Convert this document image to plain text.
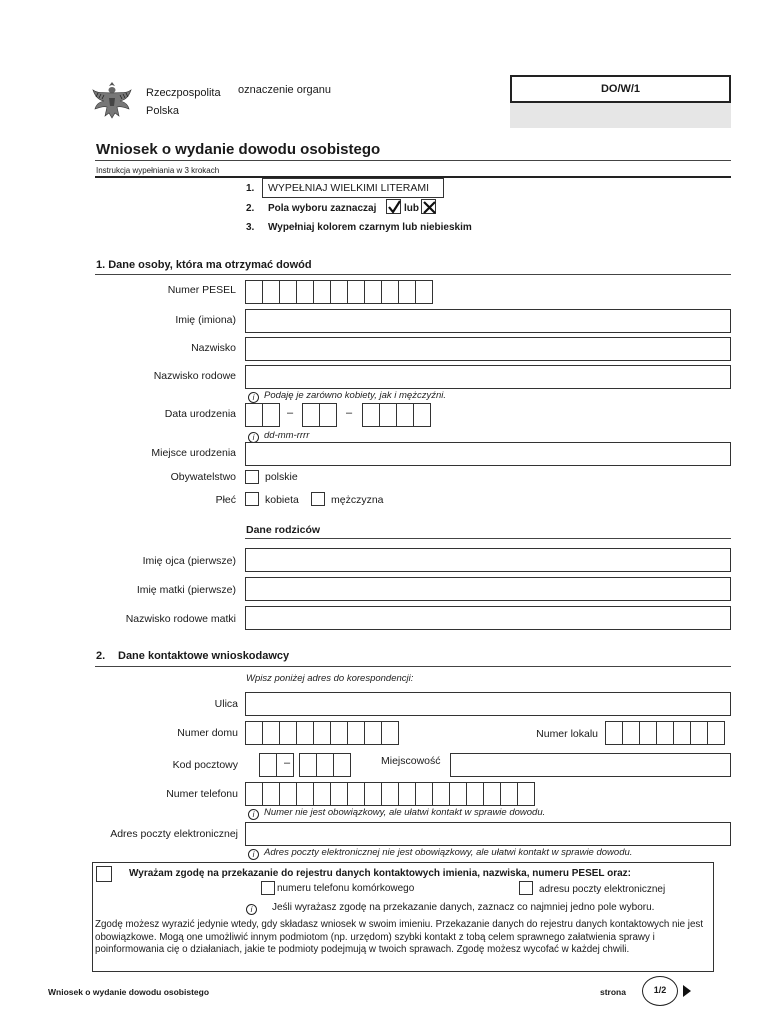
Rzeczpospolita
Polska
oznaczenie organu	DO/W/1
Wniosek o wydanie dowodu osobistego
Instrukcja wypełniania w 3 krokach
1.	WYPEŁNIAJ WIELKIMI LITERAMI
2. Pola wyboru zaznaczaj	lub
3. Wypełniaj kolorem czarnym lub niebieskim
1. Dane osoby, która ma otrzymać dowód
Numer PESEL
Imię (imiona)
Nazwisko
Nazwisko rodowe
i Podaję je zarówno kobiety, jak i mężczyźni.
Data urodzenia	–	–
i dd-mm-rrrr
Miejsce urodzenia
Obywatelstwo	polskie
Płeć	kobieta	mężczyzna
Dane rodziców
Imię ojca (pierwsze)
Imię matki (pierwsze)
Nazwisko rodowe matki
2. Dane kontaktowe wnioskodawcy
Wpisz poniżej adres do korespondencji:
Ulica
Numer domu	Numer lokalu
Kod pocztowy	–	Miejscowość
Numer telefonu
i Numer nie jest obowiązkowy, ale ułatwi kontakt w sprawie dowodu.
Adres poczty elektronicznej
i Adres poczty elektronicznej nie jest obowiązkowy, ale ułatwi kontakt w sprawie dowodu.
Wyrażam zgodę na przekazanie do rejestru danych kontaktowych imienia, nazwiska, numeru PESEL oraz:
numeru telefonu komórkowego	adresu poczty elektronicznej
i Jeśli wyrażasz zgodę na przekazanie danych, zaznacz co najmniej jedno pole wyboru.
Zgodę możesz wyrazić jedynie wtedy, gdy składasz wniosek w swoim imieniu. Przekazanie danych do rejestru danych kontaktowych nie jest obowiązkowe. Mogą one umożliwić innym podmiotom (np. urzędom) szybki kontakt z tobą celem sprawnego załatwienia sprawy i poinformowania cię o działaniach, jakie te podmioty podejmują w twoich sprawach. Zgodę możesz wycofać w każdej chwili.
Wniosek o wydanie dowodu osobistego	strona	1/2
